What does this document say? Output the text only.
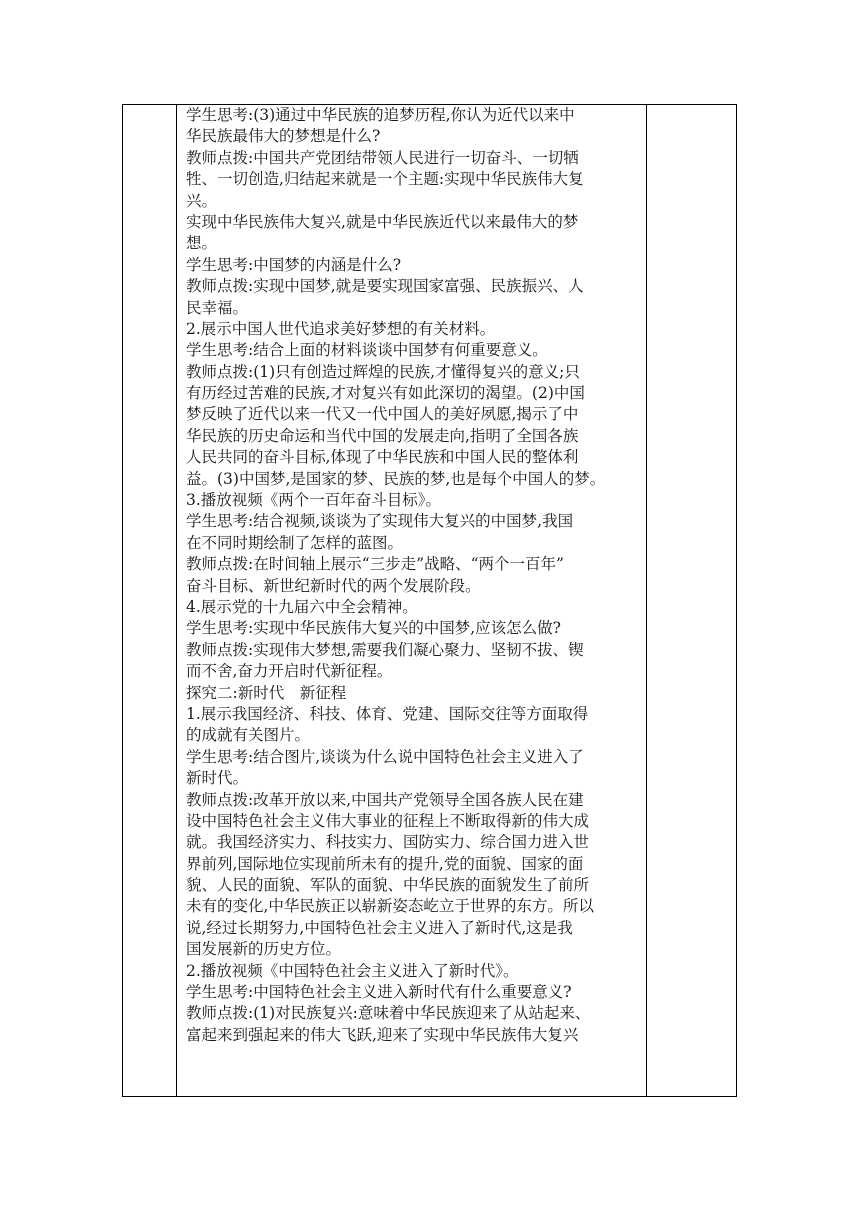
学生思考:(3)通过中华民族的追梦历程,你认为近代以来中
华民族最伟大的梦想是什么?
教师点拨:中国共产党团结带领人民进行一切奋斗、一切牺
牲、一切创造,归结起来就是一个主题:实现中华民族伟大复
兴。
实现中华民族伟大复兴,就是中华民族近代以来最伟大的梦
想。
学生思考:中国梦的内涵是什么?
教师点拨:实现中国梦,就是要实现国家富强、民族振兴、人
民幸福。
2.展示中国人世代追求美好梦想的有关材料。
学生思考:结合上面的材料谈谈中国梦有何重要意义。
教师点拨:(1)只有创造过辉煌的民族,才懂得复兴的意义;只
有历经过苦难的民族,才对复兴有如此深切的渴望。(2)中国
梦反映了近代以来一代又一代中国人的美好夙愿,揭示了中
华民族的历史命运和当代中国的发展走向,指明了全国各族
人民共同的奋斗目标,体现了中华民族和中国人民的整体利
益。(3)中国梦,是国家的梦、民族的梦,也是每个中国人的梦。
3.播放视频《两个一百年奋斗目标》。
学生思考:结合视频,谈谈为了实现伟大复兴的中国梦,我国
在不同时期绘制了怎样的蓝图。
教师点拨:在时间轴上展示“三步走”战略、“两个一百年”
奋斗目标、新世纪新时代的两个发展阶段。
4.展示党的十九届六中全会精神。
学生思考:实现中华民族伟大复兴的中国梦,应该怎么做?
教师点拨:实现伟大梦想,需要我们凝心聚力、坚韧不拔、锲
而不舍,奋力开启时代新征程。
探究二:新时代　新征程
1.展示我国经济、科技、体育、党建、国际交往等方面取得
的成就有关图片。
学生思考:结合图片,谈谈为什么说中国特色社会主义进入了
新时代。
教师点拨:改革开放以来,中国共产党领导全国各族人民在建
设中国特色社会主义伟大事业的征程上不断取得新的伟大成
就。我国经济实力、科技实力、国防实力、综合国力进入世
界前列,国际地位实现前所未有的提升,党的面貌、国家的面
貌、人民的面貌、军队的面貌、中华民族的面貌发生了前所
未有的变化,中华民族正以崭新姿态屹立于世界的东方。所以
说,经过长期努力,中国特色社会主义进入了新时代,这是我
国发展新的历史方位。
2.播放视频《中国特色社会主义进入了新时代》。
学生思考:中国特色社会主义进入新时代有什么重要意义?
教师点拨:(1)对民族复兴:意味着中华民族迎来了从站起来、
富起来到强起来的伟大飞跃,迎来了实现中华民族伟大复兴
